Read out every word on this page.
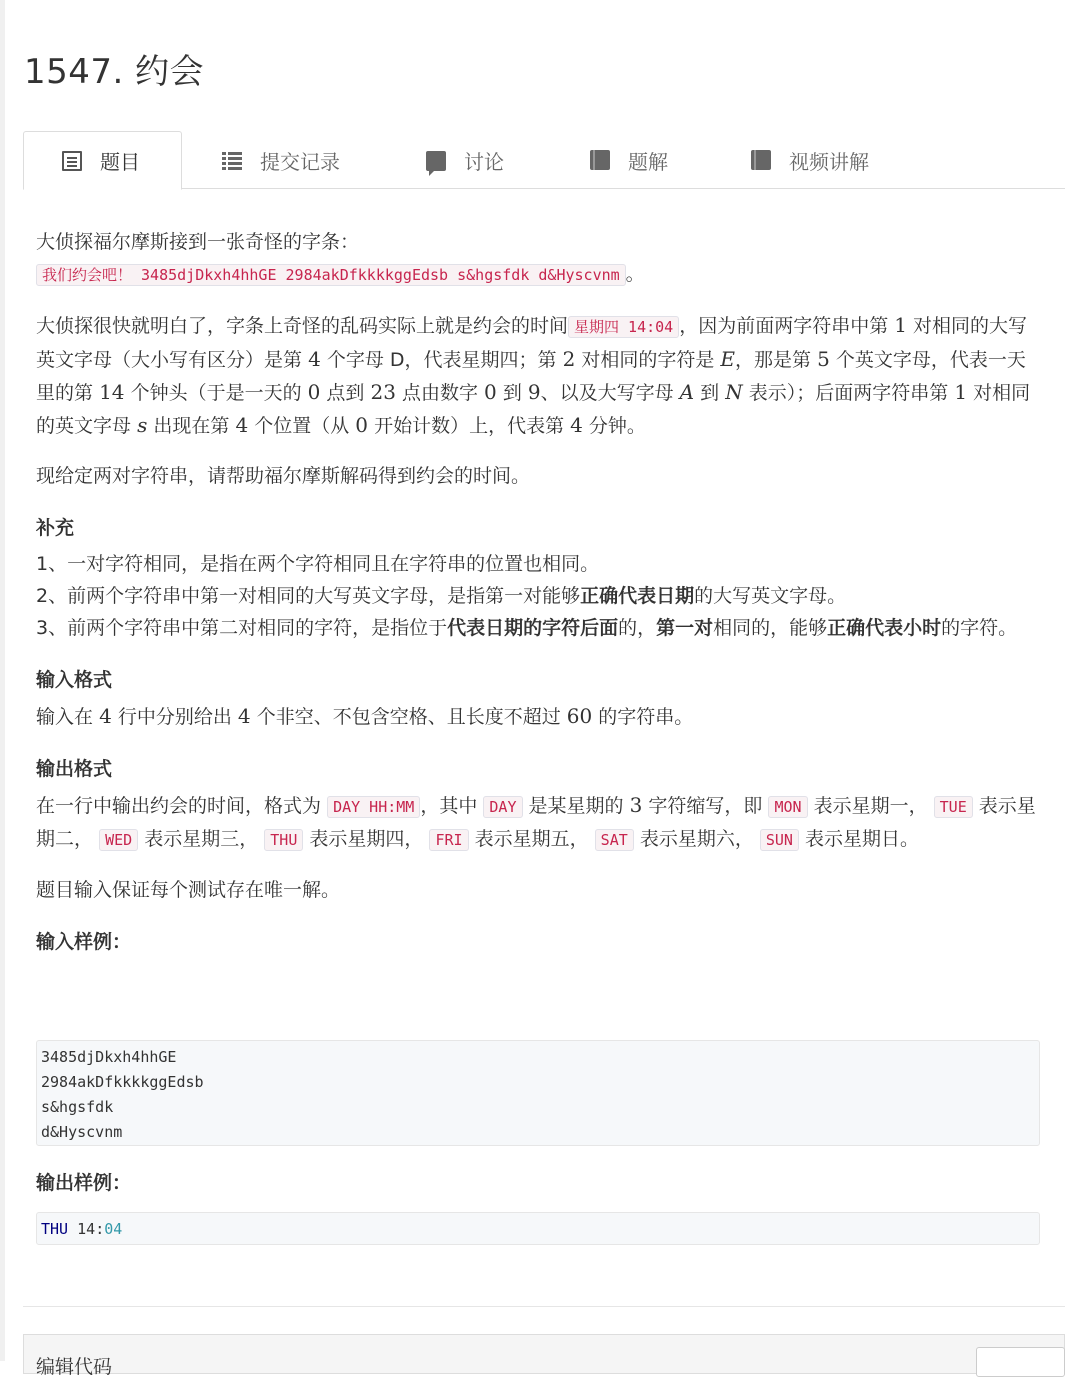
1547. 约会
题目	提交记录	讨论	题解	视频讲解

大侦探福尔摩斯接到一张奇怪的字条：
我们约会吧！ 3485djDkxh4hhGE 2984akDfkkkkggEdsb s&hgsfdk d&Hyscvnm 。

大侦探很快就明白了，字条上奇怪的乱码实际上就是约会的时间 星期四 14:04 ，因为前面两字符串中第 1 对相同的大写英文字母（大小写有区分）是第 4 个字母 D，代表星期四；第 2 对相同的字符是 E，那是第 5 个英文字母，代表一天里的第 14 个钟头（于是一天的 0 点到 23 点由数字 0 到 9、以及大写字母 A 到 N 表示）；后面两字符串第 1 对相同的英文字母 s 出现在第 4 个位置（从 0 开始计数）上，代表第 4 分钟。

现给定两对字符串，请帮助福尔摩斯解码得到约会的时间。

补充

1、一对字符相同，是指在两个字符相同且在字符串的位置也相同。

2、前两个字符串中第一对相同的大写英文字母，是指第一对能够正确代表日期的大写英文字母。

3、前两个字符串中第二对相同的字符，是指位于代表日期的字符后面的，第一对相同的，能够正确代表小时的字符。

输入格式

输入在 4 行中分别给出 4 个非空、不包含空格、且长度不超过 60 的字符串。

输出格式

在一行中输出约会的时间，格式为 DAY HH:MM ，其中 DAY 是某星期的 3 字符缩写，即 MON 表示星期一， TUE 表示星期二， WED 表示星期三， THU 表示星期四， FRI 表示星期五， SAT 表示星期六， SUN 表示星期日。

题目输入保证每个测试存在唯一解。

输入样例：

3485djDkxh4hhGE
2984akDfkkkkggEdsb
s&hgsfdk
d&Hyscvnm
输出样例：
THU 14:04
编辑代码
